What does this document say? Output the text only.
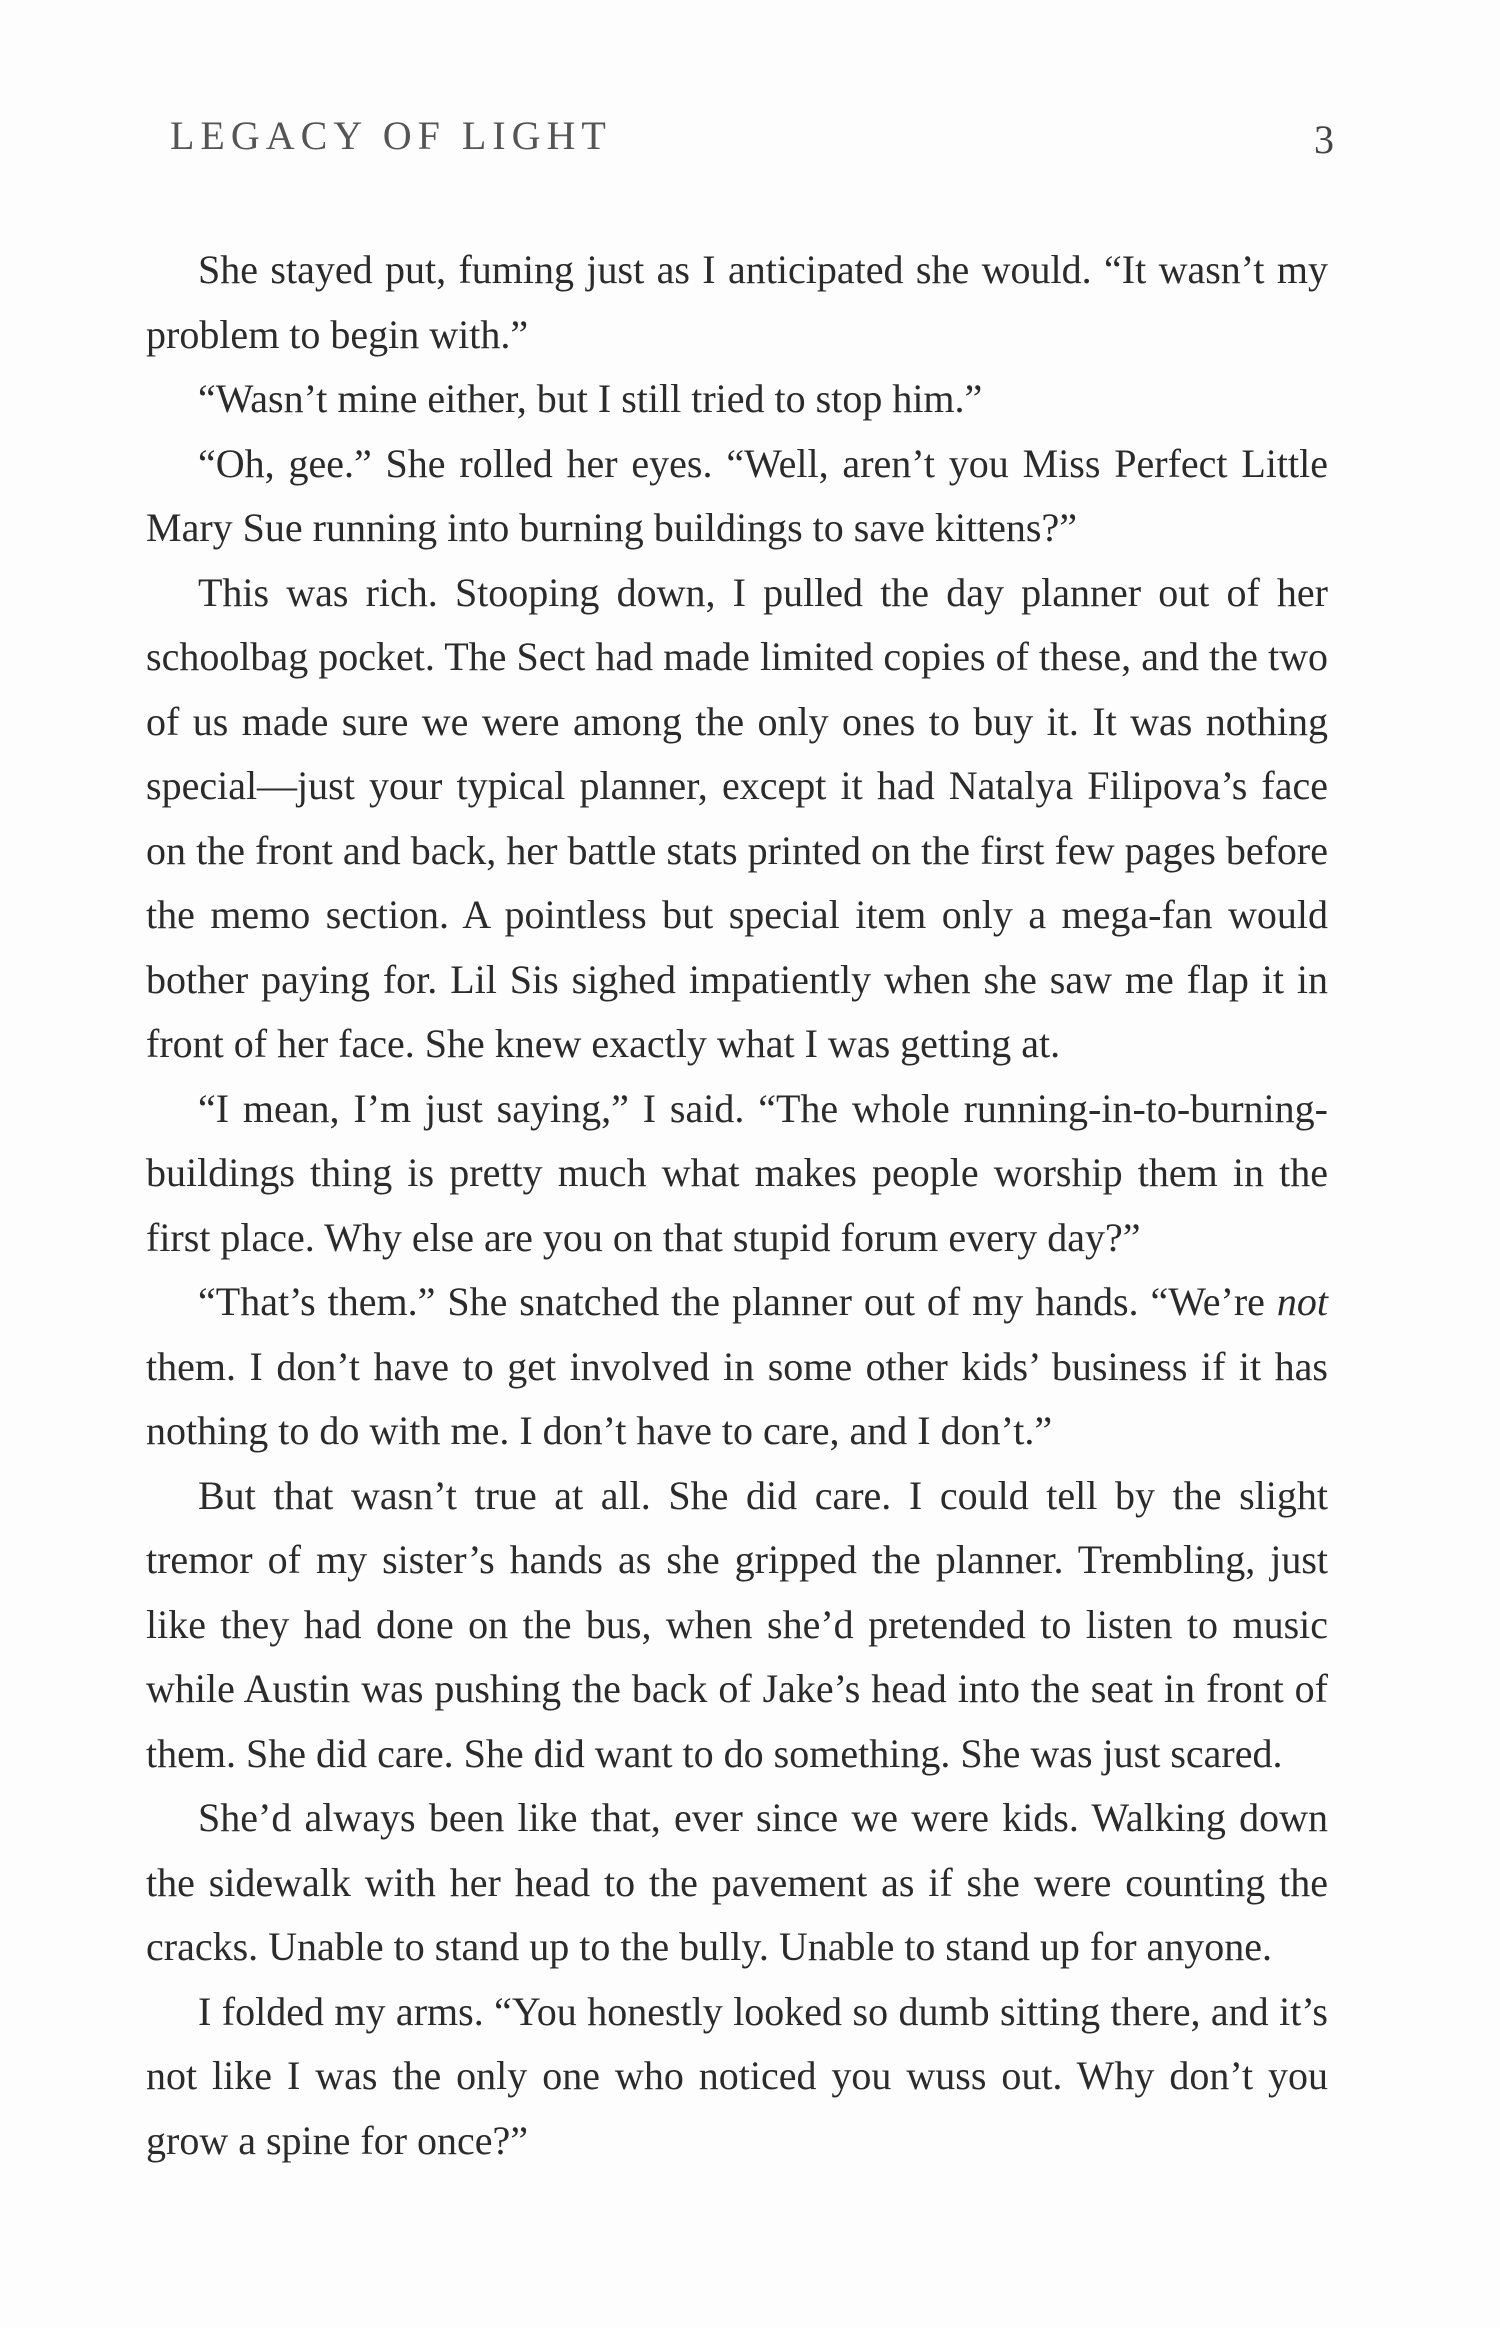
LEGACY OF LIGHT	3

She stayed put, fuming just as I anticipated she would. “It wasn’t my problem to begin with.”

“Wasn’t mine either, but I still tried to stop him.”

“Oh, gee.” She rolled her eyes. “Well, aren’t you Miss Perfect Little Mary Sue running into burning buildings to save kittens?”

This was rich. Stooping down, I pulled the day planner out of her schoolbag pocket. The Sect had made limited copies of these, and the two of us made sure we were among the only ones to buy it. It was nothing special—just your typical planner, except it had Natalya Filipova’s face on the front and back, her battle stats printed on the first few pages before the memo section. A pointless but special item only a mega-fan would bother paying for. Lil Sis sighed impatiently when she saw me flap it in front of her face. She knew exactly what I was getting at.

“I mean, I’m just saying,” I said. “The whole running-in-to-burning-buildings thing is pretty much what makes people worship them in the first place. Why else are you on that stupid forum every day?”

“That’s them.” She snatched the planner out of my hands. “We’re not them. I don’t have to get involved in some other kids’ business if it has nothing to do with me. I don’t have to care, and I don’t.”

But that wasn’t true at all. She did care. I could tell by the slight tremor of my sister’s hands as she gripped the planner. Trembling, just like they had done on the bus, when she’d pretended to listen to music while Austin was pushing the back of Jake’s head into the seat in front of them. She did care. She did want to do something. She was just scared.

She’d always been like that, ever since we were kids. Walking down the sidewalk with her head to the pavement as if she were counting the cracks. Unable to stand up to the bully. Unable to stand up for anyone.

I folded my arms. “You honestly looked so dumb sitting there, and it’s not like I was the only one who noticed you wuss out. Why don’t you grow a spine for once?”
